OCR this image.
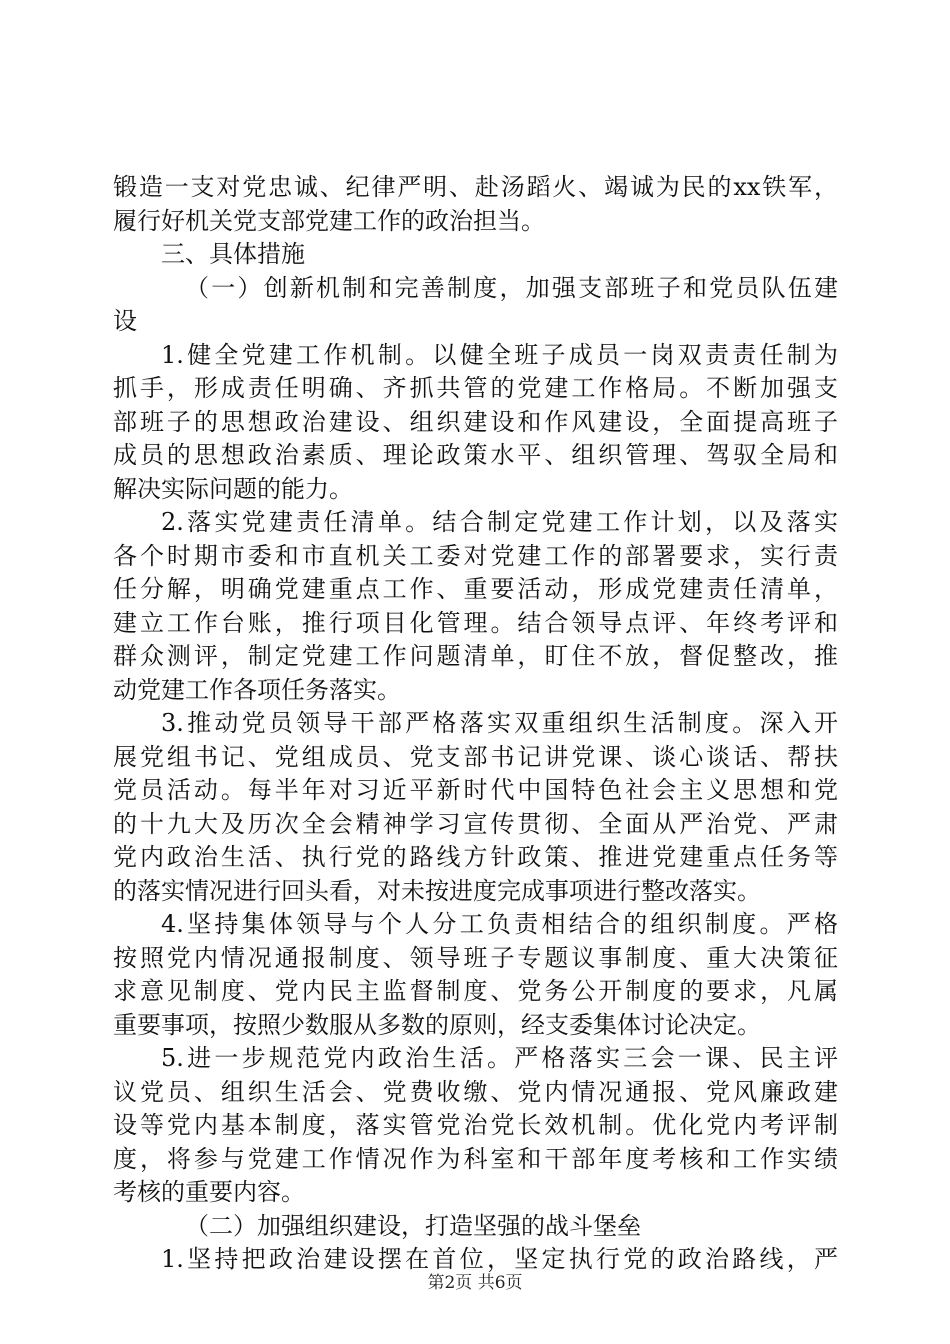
锻造一支对党忠诚、纪律严明、赴汤蹈火、竭诚为民的xx铁军，
履行好机关党支部党建工作的政治担当。
三、具体措施
（一）创新机制和完善制度，加强支部班子和党员队伍建
设
1.健全党建工作机制。以健全班子成员一岗双责责任制为
抓手，形成责任明确、齐抓共管的党建工作格局。不断加强支
部班子的思想政治建设、组织建设和作风建设，全面提高班子
成员的思想政治素质、理论政策水平、组织管理、驾驭全局和
解决实际问题的能力。
2.落实党建责任清单。结合制定党建工作计划，以及落实
各个时期市委和市直机关工委对党建工作的部署要求，实行责
任分解，明确党建重点工作、重要活动，形成党建责任清单，
建立工作台账，推行项目化管理。结合领导点评、年终考评和
群众测评，制定党建工作问题清单，盯住不放，督促整改，推
动党建工作各项任务落实。
3.推动党员领导干部严格落实双重组织生活制度。深入开
展党组书记、党组成员、党支部书记讲党课、谈心谈话、帮扶
党员活动。每半年对习近平新时代中国特色社会主义思想和党
的十九大及历次全会精神学习宣传贯彻、全面从严治党、严肃
党内政治生活、执行党的路线方针政策、推进党建重点任务等
的落实情况进行回头看，对未按进度完成事项进行整改落实。
4.坚持集体领导与个人分工负责相结合的组织制度。严格
按照党内情况通报制度、领导班子专题议事制度、重大决策征
求意见制度、党内民主监督制度、党务公开制度的要求，凡属
重要事项，按照少数服从多数的原则，经支委集体讨论决定。
5.进一步规范党内政治生活。严格落实三会一课、民主评
议党员、组织生活会、党费收缴、党内情况通报、党风廉政建
设等党内基本制度，落实管党治党长效机制。优化党内考评制
度，将参与党建工作情况作为科室和干部年度考核和工作实绩
考核的重要内容。
（二）加强组织建设，打造坚强的战斗堡垒
1.坚持把政治建设摆在首位，坚定执行党的政治路线，严
第2页 共6页
